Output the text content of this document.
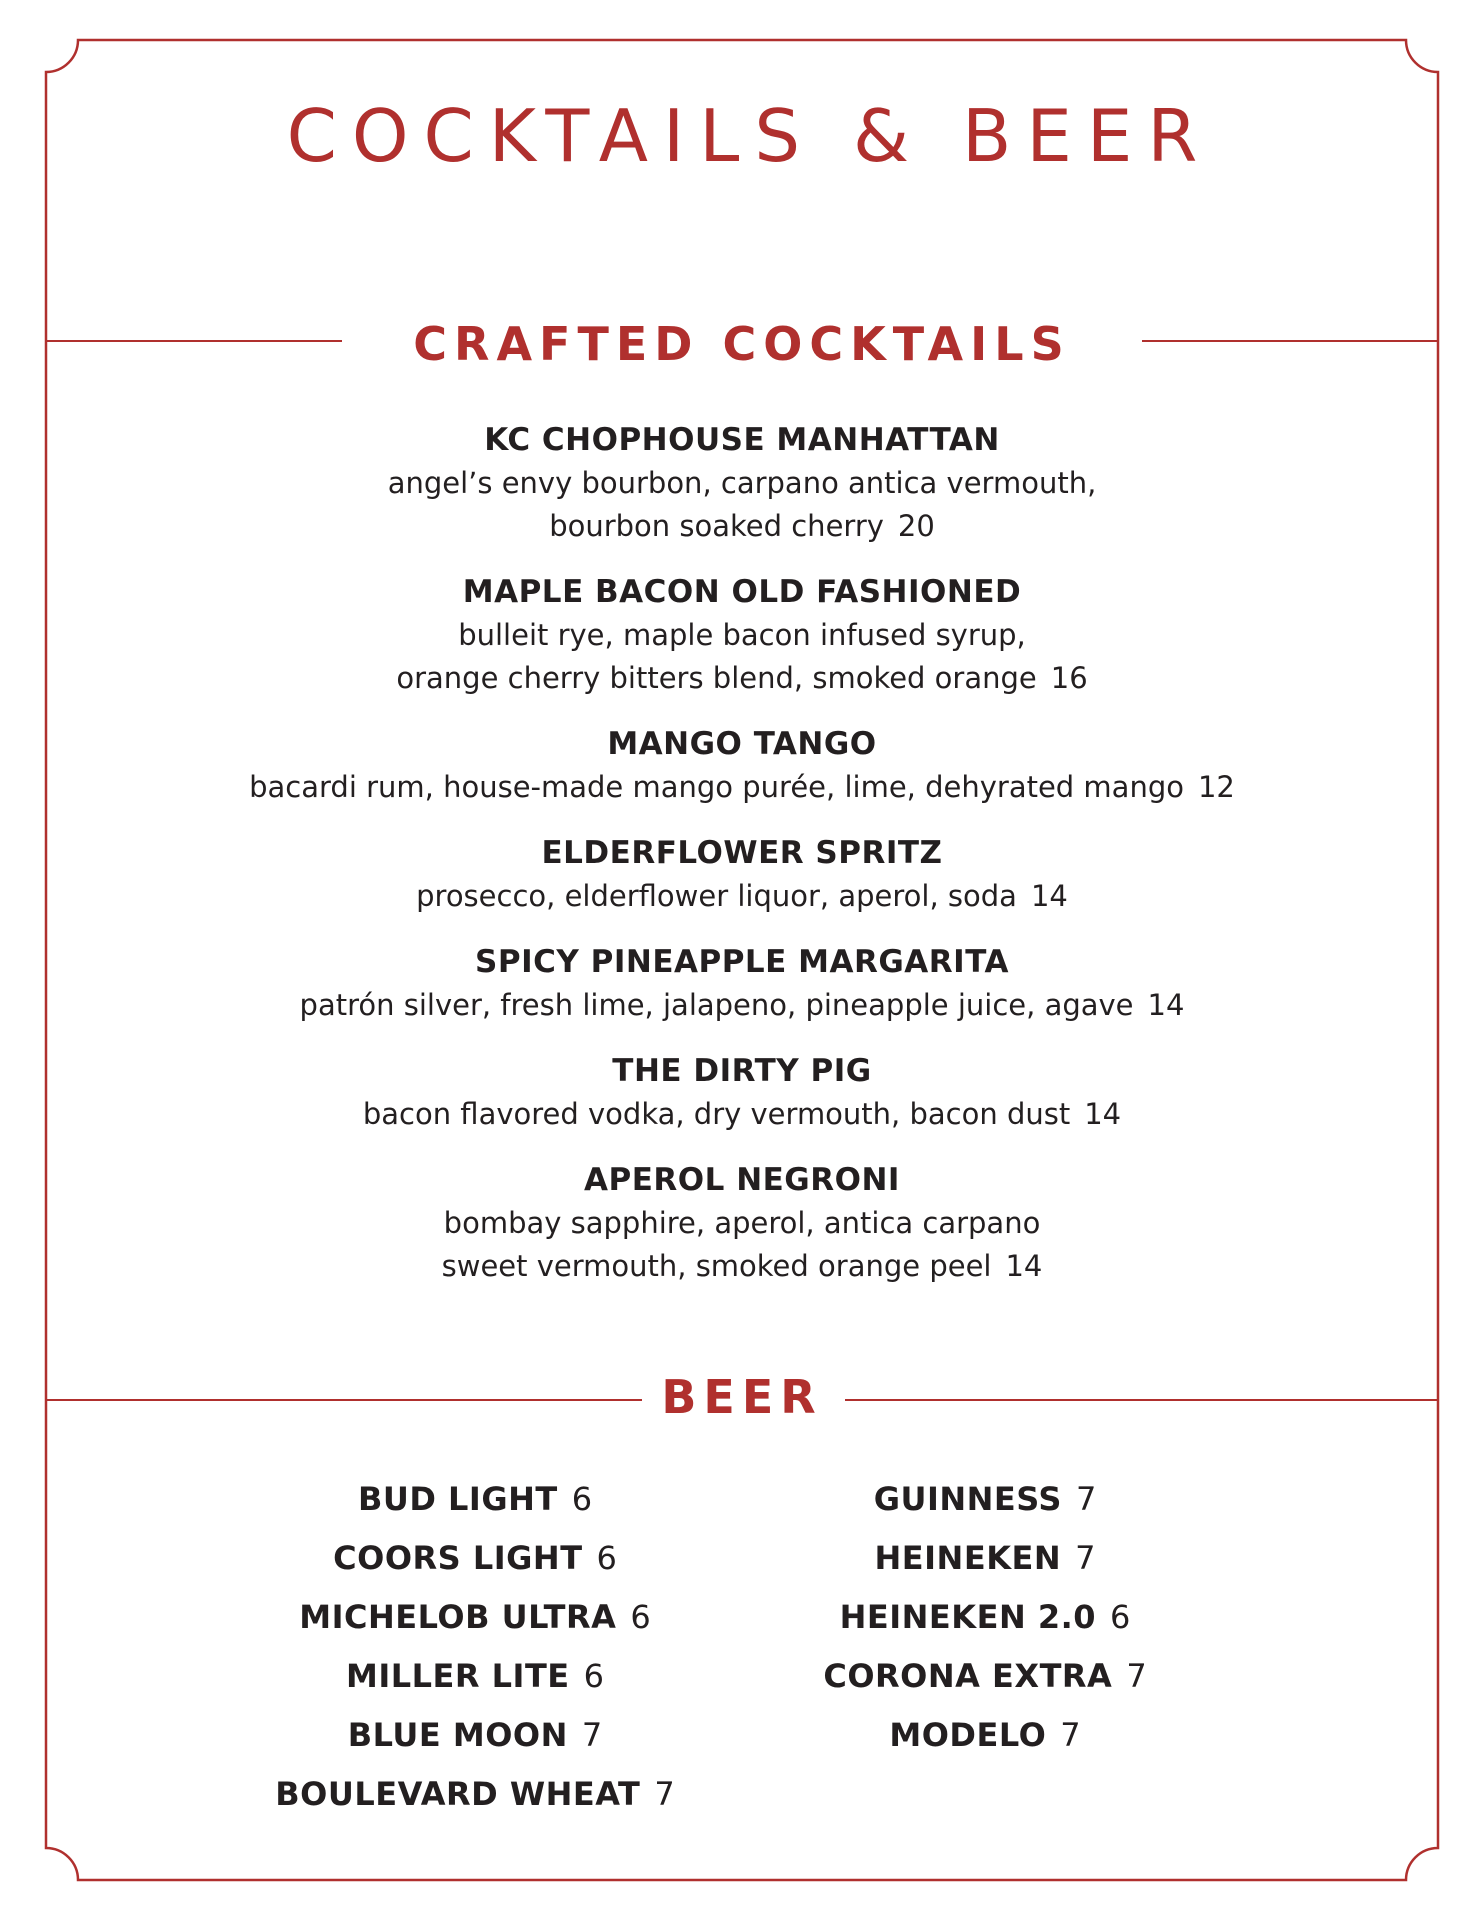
COCKTAILS & BEER
CRAFTED COCKTAILS
KC CHOPHOUSE MANHATTAN
angel’s envy bourbon, carpano antica vermouth,
bourbon soaked cherry 20
MAPLE BACON OLD FASHIONED
bulleit rye, maple bacon infused syrup,
orange cherry bitters blend, smoked orange 16
MANGO TANGO
bacardi rum, house-made mango purée, lime, dehyrated mango 12
ELDERFLOWER SPRITZ
prosecco, elderflower liquor, aperol, soda 14
SPICY PINEAPPLE MARGARITA
patrón silver, fresh lime, jalapeno, pineapple juice, agave 14
THE DIRTY PIG
bacon flavored vodka, dry vermouth, bacon dust 14
APEROL NEGRONI
bombay sapphire, aperol, antica carpano
sweet vermouth, smoked orange peel 14
BEER
BUD LIGHT 6
COORS LIGHT 6
MICHELOB ULTRA 6
MILLER LITE 6
BLUE MOON 7
BOULEVARD WHEAT 7
GUINNESS 7
HEINEKEN 7
HEINEKEN 2.0 6
CORONA EXTRA 7
MODELO 7
